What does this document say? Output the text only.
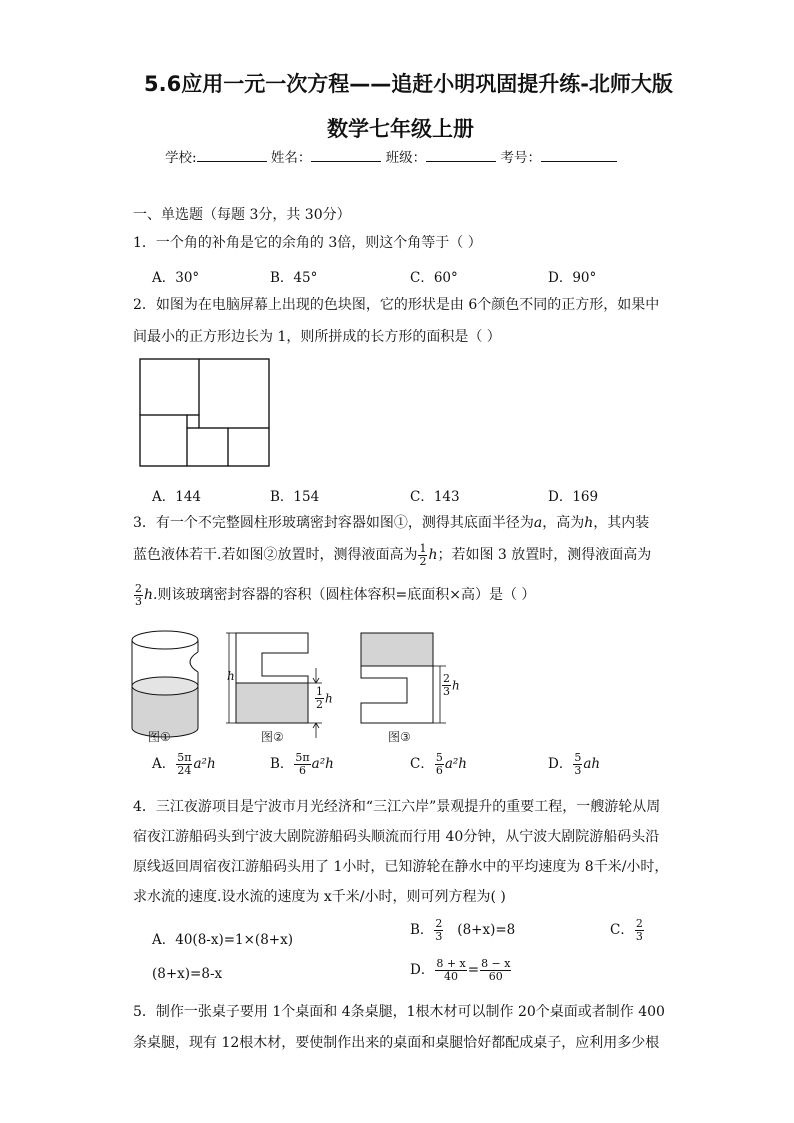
5.6应用一元一次方程——追赶小明巩固提升练-北师大版
数学七年级上册
学校:	姓名：	班级：	考号：
一、单选题（每题 3分，共 30分）
1．一个角的补角是它的余角的 3倍，则这个角等于（ ）
A．30°	B．45°	C．60°	D．90°
2．如图为在电脑屏幕上出现的色块图，它的形状是由 6个颜色不同的正方形，如果中
间最小的正方形边长为 1，则所拼成的长方形的面积是（ ）
A．144	B．154	C．143	D．169
3．有一个不完整圆柱形玻璃密封容器如图①，测得其底面半径为a，高为h，其内装
蓝色液体若干.若如图②放置时，测得液面高为 $\frac{1}{2}$ h；若如图 3 放置时，测得液面高为
$\frac{2}{3} h$.则该玻璃密封容器的容积（圆柱体容积=底面积×高）是（ ）
h
$\frac{1}{2}$ h
$\frac{2}{3}$ h
图①	图②	图③
A． $\frac{5\pi}{24} a^2h$	B． $\frac{5\pi}{6} a^2h$	C． $\frac{5}{6} a^2h$	D． $\frac{5}{3}$ ah
4．三江夜游项目是宁波市月光经济和“三江六岸”景观提升的重要工程，一艘游轮从周
宿夜江游船码头到宁波大剧院游船码头顺流而行用 40分钟，从宁波大剧院游船码头沿
原线返回周宿夜江游船码头用了 1小时，已知游轮在静水中的平均速度为 8千米/小时，
求水流的速度.设水流的速度为 x千米/小时，则可列方程为( )
A．40(8-x)=1×(8+x)
B． $\frac{2}{3} (8+x)=8$	C． $\frac{2}{3}$
(8+x)=8-x	D． $\frac{8 + x}{40} = \frac{8 - x}{60}$
5．制作一张桌子要用 1个桌面和 4条桌腿，1根木材可以制作 20个桌面或者制作 400
条桌腿，现有 12根木材，要使制作出来的桌面和桌腿恰好都配成桌子，应利用多少根
